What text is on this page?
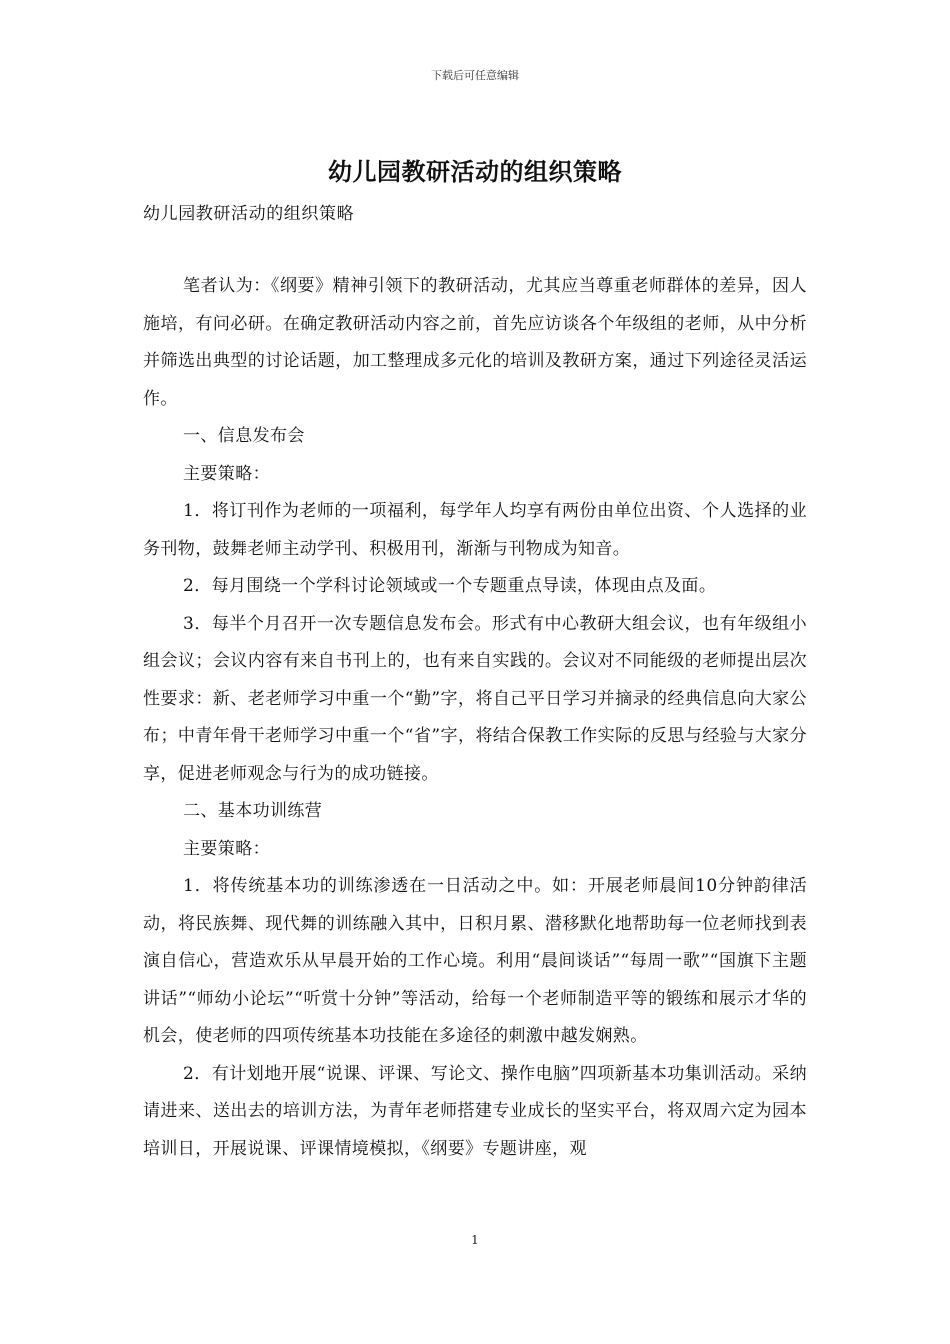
下载后可任意编辑
幼儿园教研活动的组织策略
幼儿园教研活动的组织策略

笔者认为：《纲要》精神引领下的教研活动，尤其应当尊重老师群体的差异，因人施培，有问必研。在确定教研活动内容之前，首先应访谈各个年级组的老师，从中分析并筛选出典型的讨论话题，加工整理成多元化的培训及教研方案，通过下列途径灵活运作。

一、信息发布会

主要策略：

1．将订刊作为老师的一项福利，每学年人均享有两份由单位出资、个人选择的业务刊物，鼓舞老师主动学刊、积极用刊，渐渐与刊物成为知音。

2．每月围绕一个学科讨论领域或一个专题重点导读，体现由点及面。

3．每半个月召开一次专题信息发布会。形式有中心教研大组会议，也有年级组小组会议；会议内容有来自书刊上的，也有来自实践的。会议对不同能级的老师提出层次性要求：新、老老师学习中重一个“勤”字，将自己平日学习并摘录的经典信息向大家公布；中青年骨干老师学习中重一个“省”字，将结合保教工作实际的反思与经验与大家分享，促进老师观念与行为的成功链接。

二、基本功训练营

主要策略：

1．将传统基本功的训练渗透在一日活动之中。如：开展老师晨间10分钟韵律活动，将民族舞、现代舞的训练融入其中，日积月累、潜移默化地帮助每一位老师找到表演自信心，营造欢乐从早晨开始的工作心境。利用“晨间谈话”“每周一歌”“国旗下主题讲话”“师幼小论坛”“听赏十分钟”等活动，给每一个老师制造平等的锻练和展示才华的机会，使老师的四项传统基本功技能在多途径的刺激中越发娴熟。

2．有计划地开展“说课、评课、写论文、操作电脑”四项新基本功集训活动。采纳请进来、送出去的培训方法，为青年老师搭建专业成长的坚实平台，将双周六定为园本培训日，开展说课、评课情境模拟，《纲要》专题讲座，观

1
